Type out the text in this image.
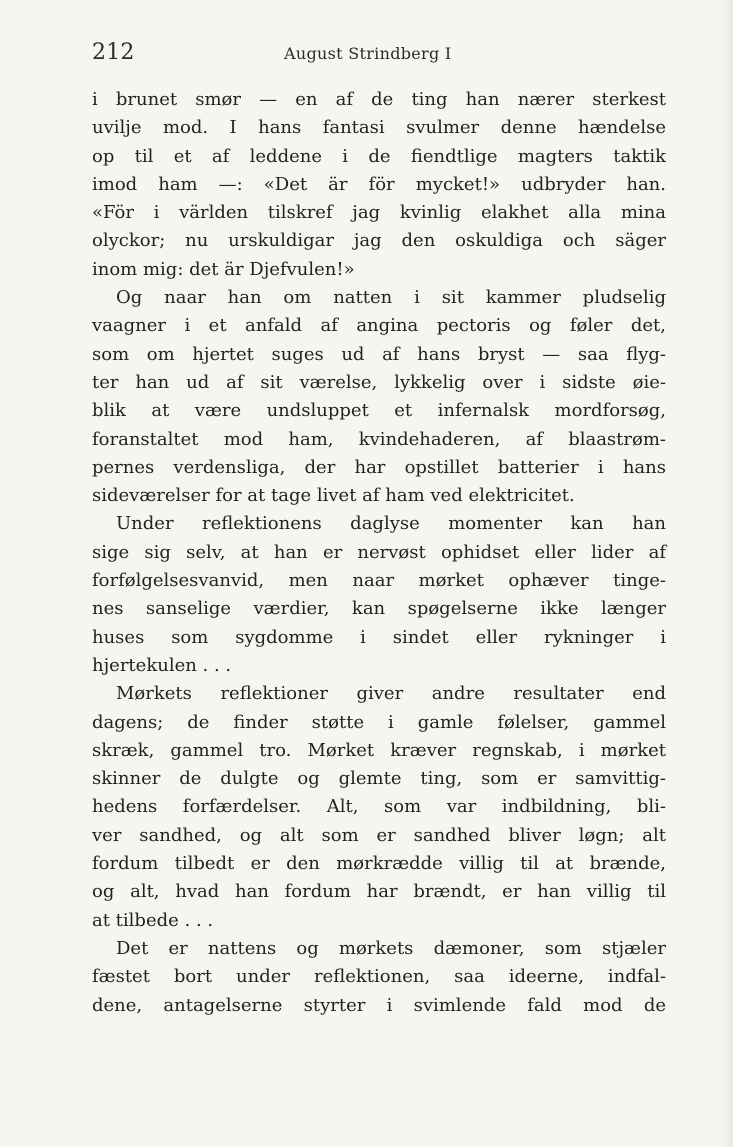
212	August Strindberg I
i brunet smør — en af de ting han nærer sterkest
uvilje mod. I hans fantasi svulmer denne hændelse
op til et af leddene i de fiendtlige magters taktik
imod ham —: «Det är för mycket!» udbryder han.
«För i världen tilskref jag kvinlig elakhet alla mina
olyckor; nu urskuldigar jag den oskuldiga och säger
inom mig: det är Djefvulen!»
Og naar han om natten i sit kammer pludselig
vaagner i et anfald af angina pectoris og føler det,
som om hjertet suges ud af hans bryst — saa flyg-
ter han ud af sit værelse, lykkelig over i sidste øie-
blik at være undsluppet et infernalsk mordforsøg,
foranstaltet mod ham, kvindehaderen, af blaastrøm-
pernes verdensliga, der har opstillet batterier i hans
sideværelser for at tage livet af ham ved elektricitet.
Under reflektionens daglyse momenter kan han
sige sig selv, at han er nervøst ophidset eller lider af
forfølgelsesvanvid, men naar mørket ophæver tinge-
nes sanselige værdier, kan spøgelserne ikke længer
huses som sygdomme i sindet eller rykninger i
hjertekulen . . .
Mørkets reflektioner giver andre resultater end
dagens; de finder støtte i gamle følelser, gammel
skræk, gammel tro. Mørket kræver regnskab, i mørket
skinner de dulgte og glemte ting, som er samvittig-
hedens forfærdelser. Alt, som var indbildning, bli-
ver sandhed, og alt som er sandhed bliver løgn; alt
fordum tilbedt er den mørkrædde villig til at brænde,
og alt, hvad han fordum har brændt, er han villig til
at tilbede . . .
Det er nattens og mørkets dæmoner, som stjæler
fæstet bort under reflektionen, saa ideerne, indfal-
dene, antagelserne styrter i svimlende fald mod de
